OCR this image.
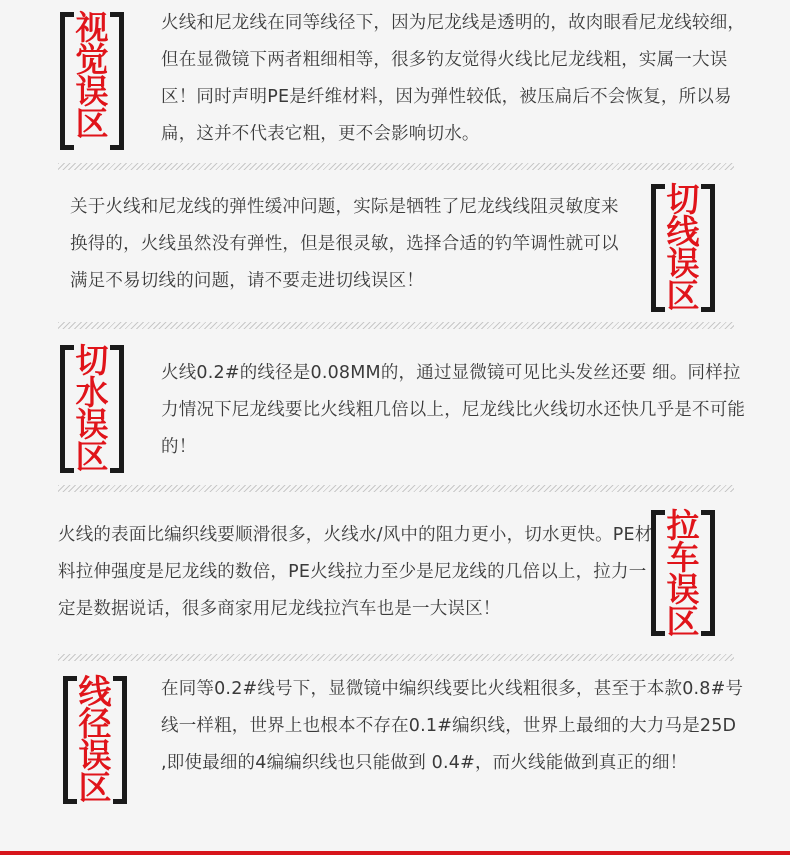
视觉误区
火线和尼龙线在同等线径下，因为尼龙线是透明的，故肉眼看尼龙线较细，但在显微镜下两者粗细相等，很多钓友觉得火线比尼龙线粗，实属一大误区！同时声明PE是纤维材料，因为弹性较低，被压扁后不会恢复，所以易扁，这并不代表它粗，更不会影响切水。
关于火线和尼龙线的弹性缓冲问题，实际是牺牲了尼龙线线阻灵敏度来换得的，火线虽然没有弹性，但是很灵敏，选择合适的钓竿调性就可以满足不易切线的问题，请不要走进切线误区！
切线误区
切水误区
火线0.2#的线径是0.08MM的，通过显微镜可见比头发丝还要 细。同样拉力情况下尼龙线要比火线粗几倍以上，尼龙线比火线切水还快几乎是不可能的！
火线的表面比编织线要顺滑很多，火线水/风中的阻力更小，切水更快。PE材料拉伸强度是尼龙线的数倍，PE火线拉力至少是尼龙线的几倍以上，拉力一定是数据说话，很多商家用尼龙线拉汽车也是一大误区！
拉车误区
线径误区
在同等0.2#线号下，显微镜中编织线要比火线粗很多，甚至于本款0.8#号线一样粗，世界上也根本不存在0.1#编织线，世界上最细的大力马是25D ,即使最细的4编编织线也只能做到 0.4#，而火线能做到真正的细！
